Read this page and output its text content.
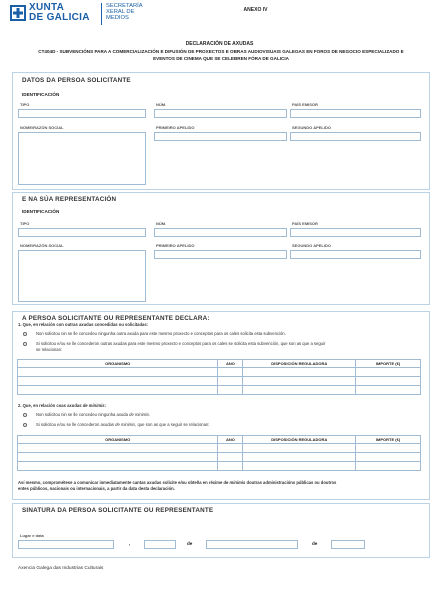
XUNTA
DE GALICIA
SECRETARÍA
XERAL DE
MEDIOS
ANEXO IV
DECLARACIÓN DE AXUDAS
CT404D - SUBVENCIÓNS PARA A COMERCIALIZACIÓN E DIFUSIÓN DE PROXECTOS E OBRAS AUDIOVISUAIS GALEGAS EN FOROS DE NEGOCIO ESPECIALIZADO E
EVENTOS DE CINEMA QUE SE CELEBREN FÓRA DE GALICIA
DATOS DA PERSOA SOLICITANTE
IDENTIFICACIÓN
TIPO	NÚM.	PAÍS EMISOR
NOME/RAZÓN SOCIAL	PRIMEIRO APELIDO	SEGUNDO APELIDO
E NA SÚA REPRESENTACIÓN
IDENTIFICACIÓN
TIPO	NÚM.	PAÍS EMISOR
NOME/RAZÓN SOCIAL	PRIMEIRO APELIDO	SEGUNDO APELIDO
A PERSOA SOLICITANTE OU REPRESENTANTE DECLARA:
1. Que, en relación con outras axudas concedidas ou solicitadas:
Non solicitou nin se lle concedeu ningunha outra axuda para este mesmo proxecto e conceptos para os cales solicita esta subvención.
Si solicitou e/ou se lle concederon outras axudas para este mesmo proxecto e conceptos para os cales se solicita esta subvención, que son as que a seguir
se relacionan:
ORGANISMO	ANO	DISPOSICIÓN REGULADORA	IMPORTE (€)

2. Que, en relación coas axudas de minimis:
Non solicitou nin se lle concedeu ningunha axuda de minimis.
Si solicitou e/ou se lle concederon axudas de minimis, que son as que a seguir se relacionan:
ORGANISMO	ANO	DISPOSICIÓN REGULADORA	IMPORTE (€)

Así mesmo, comprométese a comunicar inmediatamente cantas axudas solicite e/ou obteña en réxime de minimis doutras administracións públicas ou doutros
entes públicos, nacionais ou internacionais, a partir da data desta declaración.
SINATURA DA PERSOA SOLICITANTE OU REPRESENTANTE
Lugar e data
,	de	de
Axencia Galega das Industrias Culturais
